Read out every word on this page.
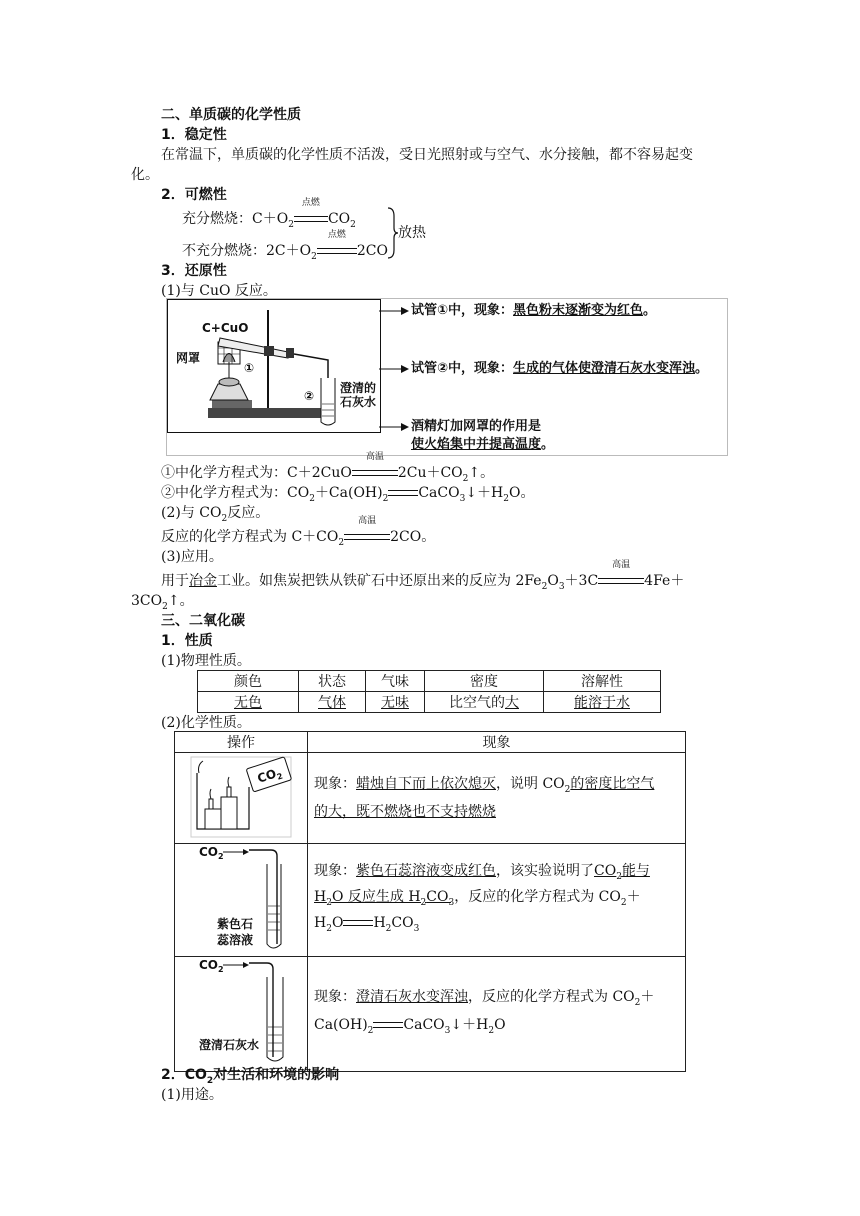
二、单质碳的化学性质
1．稳定性
在常温下，单质碳的化学性质不活泼，受日光照射或与空气、水分接触，都不容易起变
化。
2．可燃性
充分燃烧：$C+O_2$
点燃
$CO_2$
不充分燃烧：$2C+O_2$
点燃
2CO
放热
3．还原性
(1)与 CuO 反应。
C+CuO
网罩
①
②
澄清的
石灰水
试管①中，现象：黑色粉末逐渐变为红色。
试管②中，现象：生成的气体使澄清石灰水变浑浊。
酒精灯加网罩的作用是
使火焰集中并提高温度。
①中化学方程式为：C＋2CuO
高温
$2Cu+CO_2↑$。
②中化学方程式为：$CO_2+Ca(OH)_2$ $CaCO_3↓+H_2O$。
(2)与 $CO_2$反应。
反应的化学方程式为 $C+CO_2$
高温
2CO。
(3)应用。
用于冶金工业。如焦炭把铁从铁矿石中还原出来的反应为 $2Fe_2O_3+3C$
高温
4Fe＋
$3CO_2↑$。
三、二氧化碳
1．性质
(1)物理性质。
颜色	状态	气味	密度	溶解性
无色	气体	无味	比空气的大	能溶于水
(2)化学性质。
操作	现象

$CO_2$	现象：蜡烛自下而上依次熄灭，说明 $CO_2$的密度比空气
的大，既不燃烧也不支持燃烧

$CO_2$
紫色石
蕊溶液	现象：紫色石蕊溶液变成红色，该实验说明了$CO_2$能与
$H_2O$ 反应生成 $H_2CO_3$，反应的化学方程式为 $CO_2+$
$H_2O$ $H_2CO_3$

$CO_2$
澄清石灰水	现象：澄清石灰水变浑浊，反应的化学方程式为 $CO_2+$
$Ca(OH)_2$ $CaCO_3↓+H_2O$
2．$CO_2$对生活和环境的影响
(1)用途。
